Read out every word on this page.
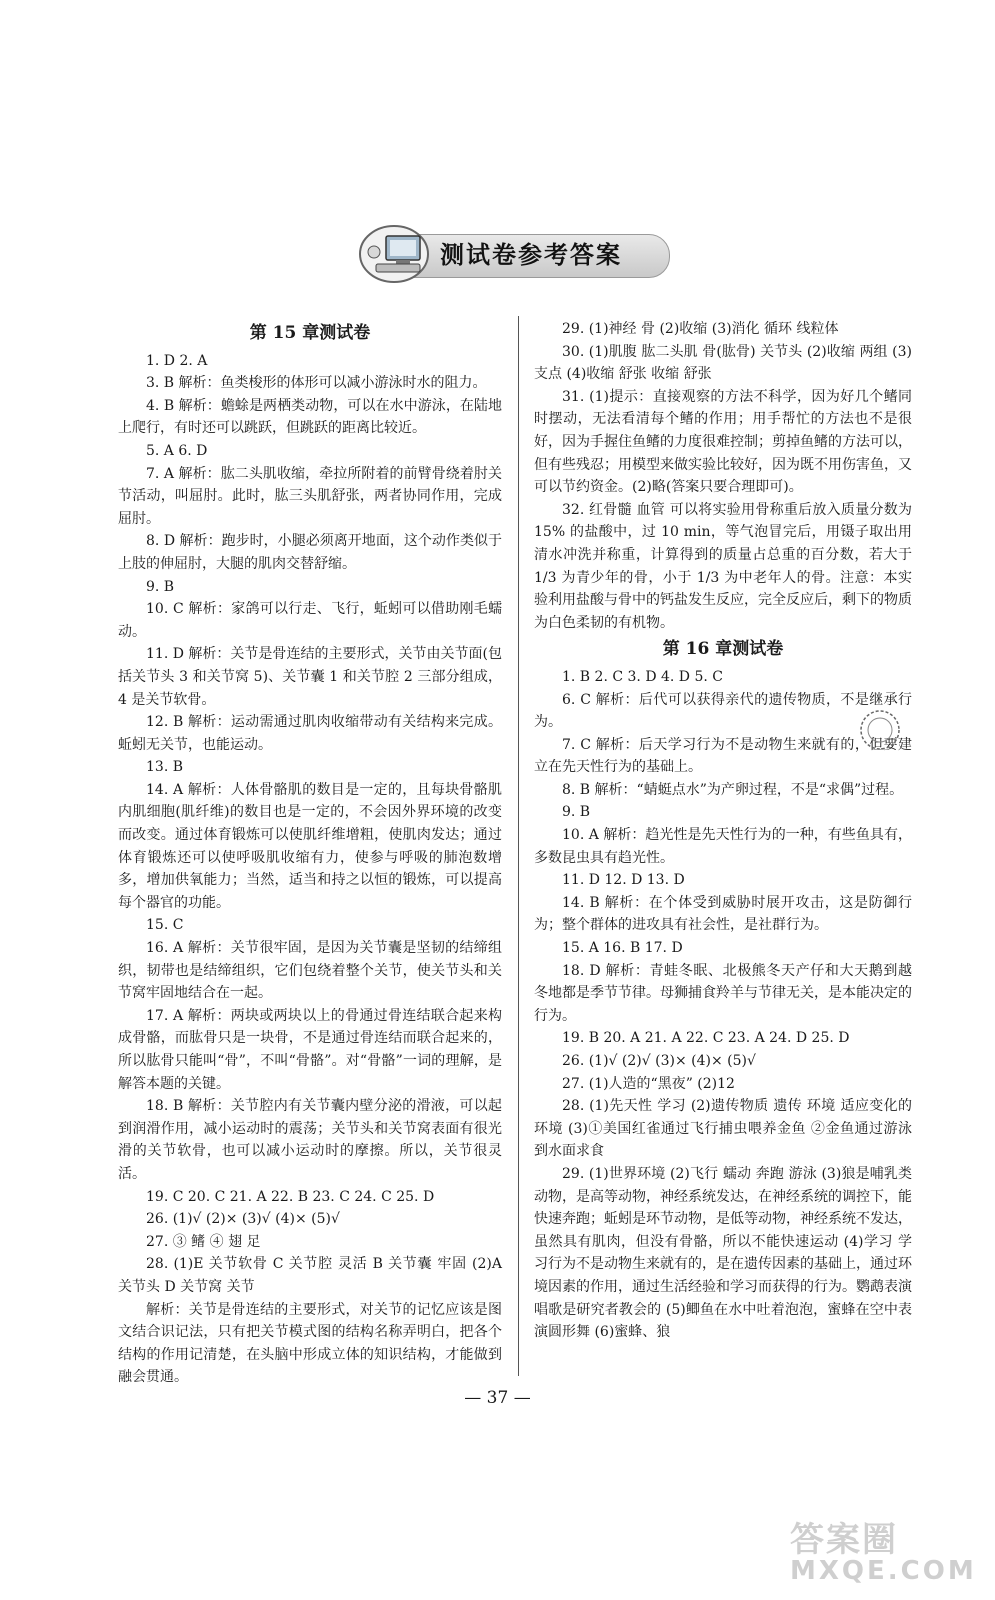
测试卷参考答案

第 15 章测试卷

1. D 2. A

3. B 解析：鱼类梭形的体形可以减小游泳时水的阻力。

4. B 解析：蟾蜍是两栖类动物，可以在水中游泳，在陆地上爬行，有时还可以跳跃，但跳跃的距离比较近。

5. A 6. D

7. A 解析：肱二头肌收缩，牵拉所附着的前臂骨绕着肘关节活动，叫屈肘。此时，肱三头肌舒张，两者协同作用，完成屈肘。

8. D 解析：跑步时，小腿必须离开地面，这个动作类似于上肢的伸屈肘，大腿的肌肉交替舒缩。

9. B

10. C 解析：家鸽可以行走、飞行，蚯蚓可以借助刚毛蠕动。

11. D 解析：关节是骨连结的主要形式，关节由关节面(包括关节头 3 和关节窝 5)、关节囊 1 和关节腔 2 三部分组成，4 是关节软骨。

12. B 解析：运动需通过肌肉收缩带动有关结构来完成。蚯蚓无关节，也能运动。

13. B

14. A 解析：人体骨骼肌的数目是一定的，且每块骨骼肌内肌细胞(肌纤维)的数目也是一定的，不会因外界环境的改变而改变。通过体育锻炼可以使肌纤维增粗，使肌肉发达；通过体育锻炼还可以使呼吸肌收缩有力，使参与呼吸的肺泡数增多，增加供氧能力；当然，适当和持之以恒的锻炼，可以提高每个器官的功能。

15. C

16. A 解析：关节很牢固，是因为关节囊是坚韧的结缔组织，韧带也是结缔组织，它们包绕着整个关节，使关节头和关节窝牢固地结合在一起。

17. A 解析：两块或两块以上的骨通过骨连结联合起来构成骨骼，而肱骨只是一块骨，不是通过骨连结而联合起来的，所以肱骨只能叫“骨”，不叫“骨骼”。对“骨骼”一词的理解，是解答本题的关键。

18. B 解析：关节腔内有关节囊内壁分泌的滑液，可以起到润滑作用，减小运动时的震荡；关节头和关节窝表面有很光滑的关节软骨，也可以减小运动时的摩擦。所以，关节很灵活。

19. C 20. C 21. A 22. B 23. C 24. C 25. D

26. (1)√ (2)× (3)√ (4)× (5)√

27. ③ 鳍 ④ 翅 足

28. (1)E 关节软骨 C 关节腔 灵活 B 关节囊 牢固 (2)A 关节头 D 关节窝 关节

解析：关节是骨连结的主要形式，对关节的记忆应该是图文结合识记法，只有把关节模式图的结构名称弄明白，把各个结构的作用记清楚，在头脑中形成立体的知识结构，才能做到融会贯通。

29. (1)神经 骨 (2)收缩 (3)消化 循环 线粒体

30. (1)肌腹 肱二头肌 骨(肱骨) 关节头 (2)收缩 两组 (3)支点 (4)收缩 舒张 收缩 舒张

31. (1)提示：直接观察的方法不科学，因为好几个鳍同时摆动，无法看清每个鳍的作用；用手帮忙的方法也不是很好，因为手握住鱼鳍的力度很难控制；剪掉鱼鳍的方法可以，但有些残忍；用模型来做实验比较好，因为既不用伤害鱼，又可以节约资金。(2)略(答案只要合理即可)。

32. 红骨髓 血管 可以将实验用骨称重后放入质量分数为 15% 的盐酸中，过 10 min，等气泡冒完后，用镊子取出用清水冲洗并称重，计算得到的质量占总重的百分数，若大于 1/3 为青少年的骨，小于 1/3 为中老年人的骨。注意：本实验利用盐酸与骨中的钙盐发生反应，完全反应后，剩下的物质为白色柔韧的有机物。

第 16 章测试卷

1. B 2. C 3. D 4. D 5. C

6. C 解析：后代可以获得亲代的遗传物质，不是继承行为。

7. C 解析：后天学习行为不是动物生来就有的，但要建立在先天性行为的基础上。

8. B 解析：“蜻蜓点水”为产卵过程，不是“求偶”过程。

9. B

10. A 解析：趋光性是先天性行为的一种，有些鱼具有，多数昆虫具有趋光性。

11. D 12. D 13. D

14. B 解析：在个体受到威胁时展开攻击，这是防御行为；整个群体的进攻具有社会性，是社群行为。

15. A 16. B 17. D

18. D 解析：青蛙冬眠、北极熊冬天产仔和大天鹅到越冬地都是季节节律。母狮捕食羚羊与节律无关，是本能决定的行为。

19. B 20. A 21. A 22. C 23. A 24. D 25. D

26. (1)√ (2)√ (3)× (4)× (5)√

27. (1)人造的“黑夜” (2)12

28. (1)先天性 学习 (2)遗传物质 遗传 环境 适应变化的环境 (3)①美国红雀通过飞行捕虫喂养金鱼 ②金鱼通过游泳到水面求食

29. (1)世界环境 (2)飞行 蠕动 奔跑 游泳 (3)狼是哺乳类动物，是高等动物，神经系统发达，在神经系统的调控下，能快速奔跑；蚯蚓是环节动物，是低等动物，神经系统不发达，虽然具有肌肉，但没有骨骼，所以不能快速运动 (4)学习 学习行为不是动物生来就有的，是在遗传因素的基础上，通过环境因素的作用，通过生活经验和学习而获得的行为。鹦鹉表演唱歌是研究者教会的 (5)鲫鱼在水中吐着泡泡，蜜蜂在空中表演圆形舞 (6)蜜蜂、狼

— 37 —
答案圈
MXQE.COM
